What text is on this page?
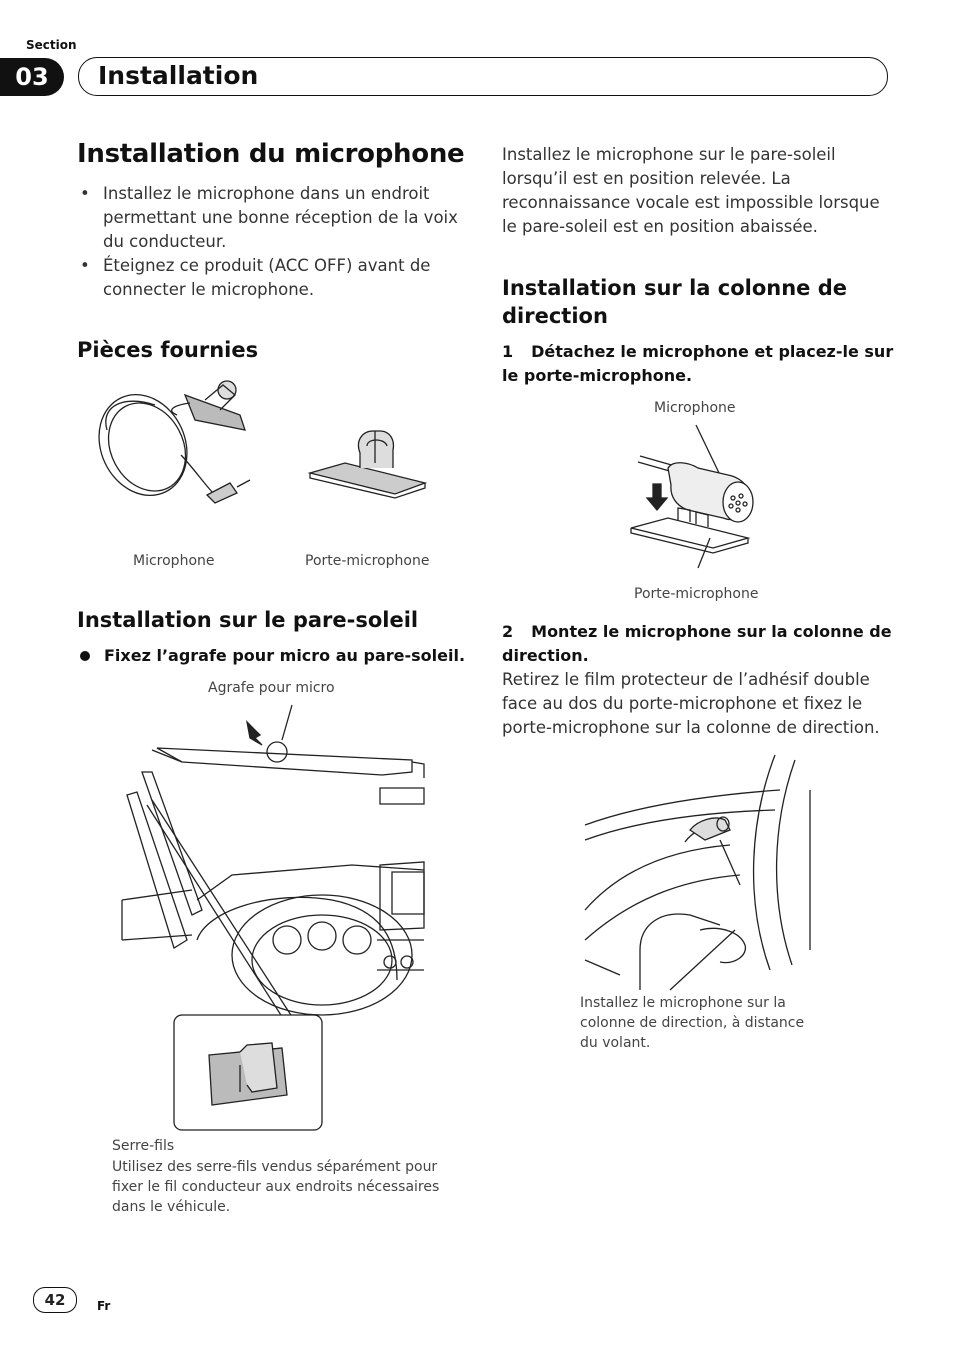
Section
03	Installation
Installation du microphone
• Installez le microphone dans un endroit permettant une bonne réception de la voix du conducteur.
• Éteignez ce produit (ACC OFF) avant de connecter le microphone.
Pièces fournies
Microphone	Porte-microphone
Installation sur le pare-soleil
Fixez l’agrafe pour micro au pare-soleil.
Agrafe pour micro
Serre-fils
Utilisez des serre-fils vendus séparément pour fixer le fil conducteur aux endroits nécessaires dans le véhicule.
Installez le microphone sur le pare-soleil lorsqu’il est en position relevée. La reconnaissance vocale est impossible lorsque le pare-soleil est en position abaissée.
Installation sur la colonne de direction
1 Détachez le microphone et placez-le sur le porte-microphone.
Microphone
Porte-microphone
2 Montez le microphone sur la colonne de direction.
Retirez le film protecteur de l’adhésif double face au dos du porte-microphone et fixez le porte-microphone sur la colonne de direction.
Installez le microphone sur la colonne de direction, à distance du volant.
42	Fr
